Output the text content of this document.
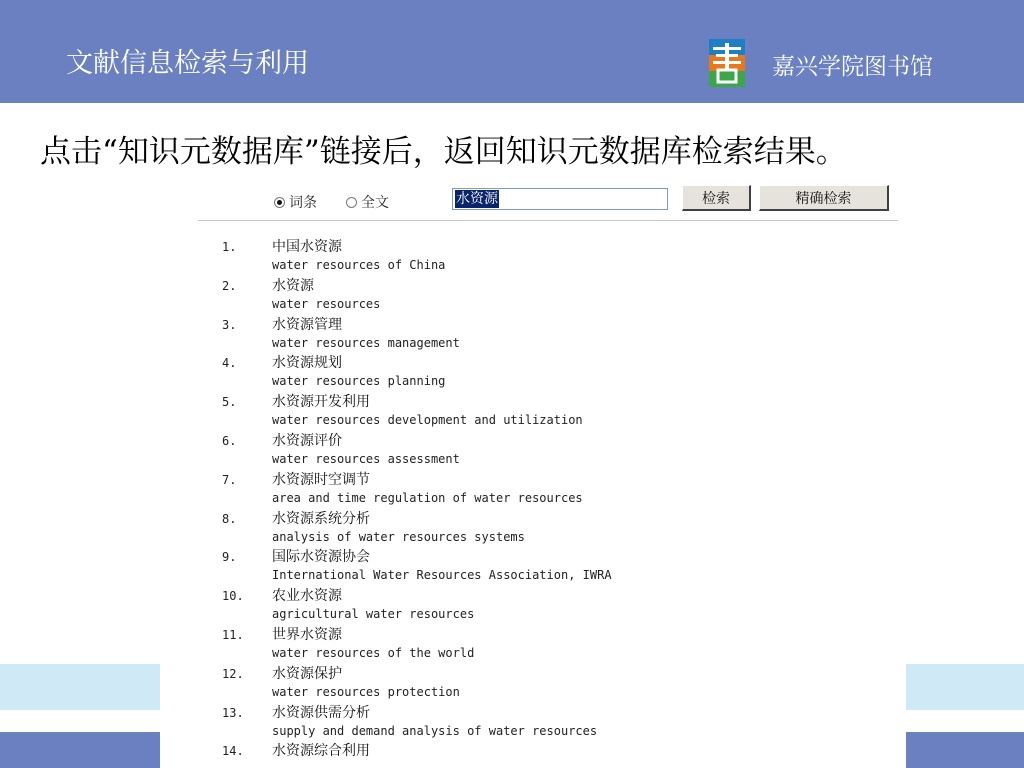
文献信息检索与利用	嘉兴学院图书馆
点击“知识元数据库”链接后，返回知识元数据库检索结果。
词条	全文	水资源	检索	精确检索
1.	中国水资源
water resources of China
2.	水资源
water resources
3.	水资源管理
water resources management
4.	水资源规划
water resources planning
5.	水资源开发利用
water resources development and utilization
6.	水资源评价
water resources assessment
7.	水资源时空调节
area and time regulation of water resources
8.	水资源系统分析
analysis of water resources systems
9.	国际水资源协会
International Water Resources Association, IWRA
10. 农业水资源
agricultural water resources
11. 世界水资源
water resources of the world
12. 水资源保护
water resources protection
13. 水资源供需分析
supply and demand analysis of water resources
14. 水资源综合利用
